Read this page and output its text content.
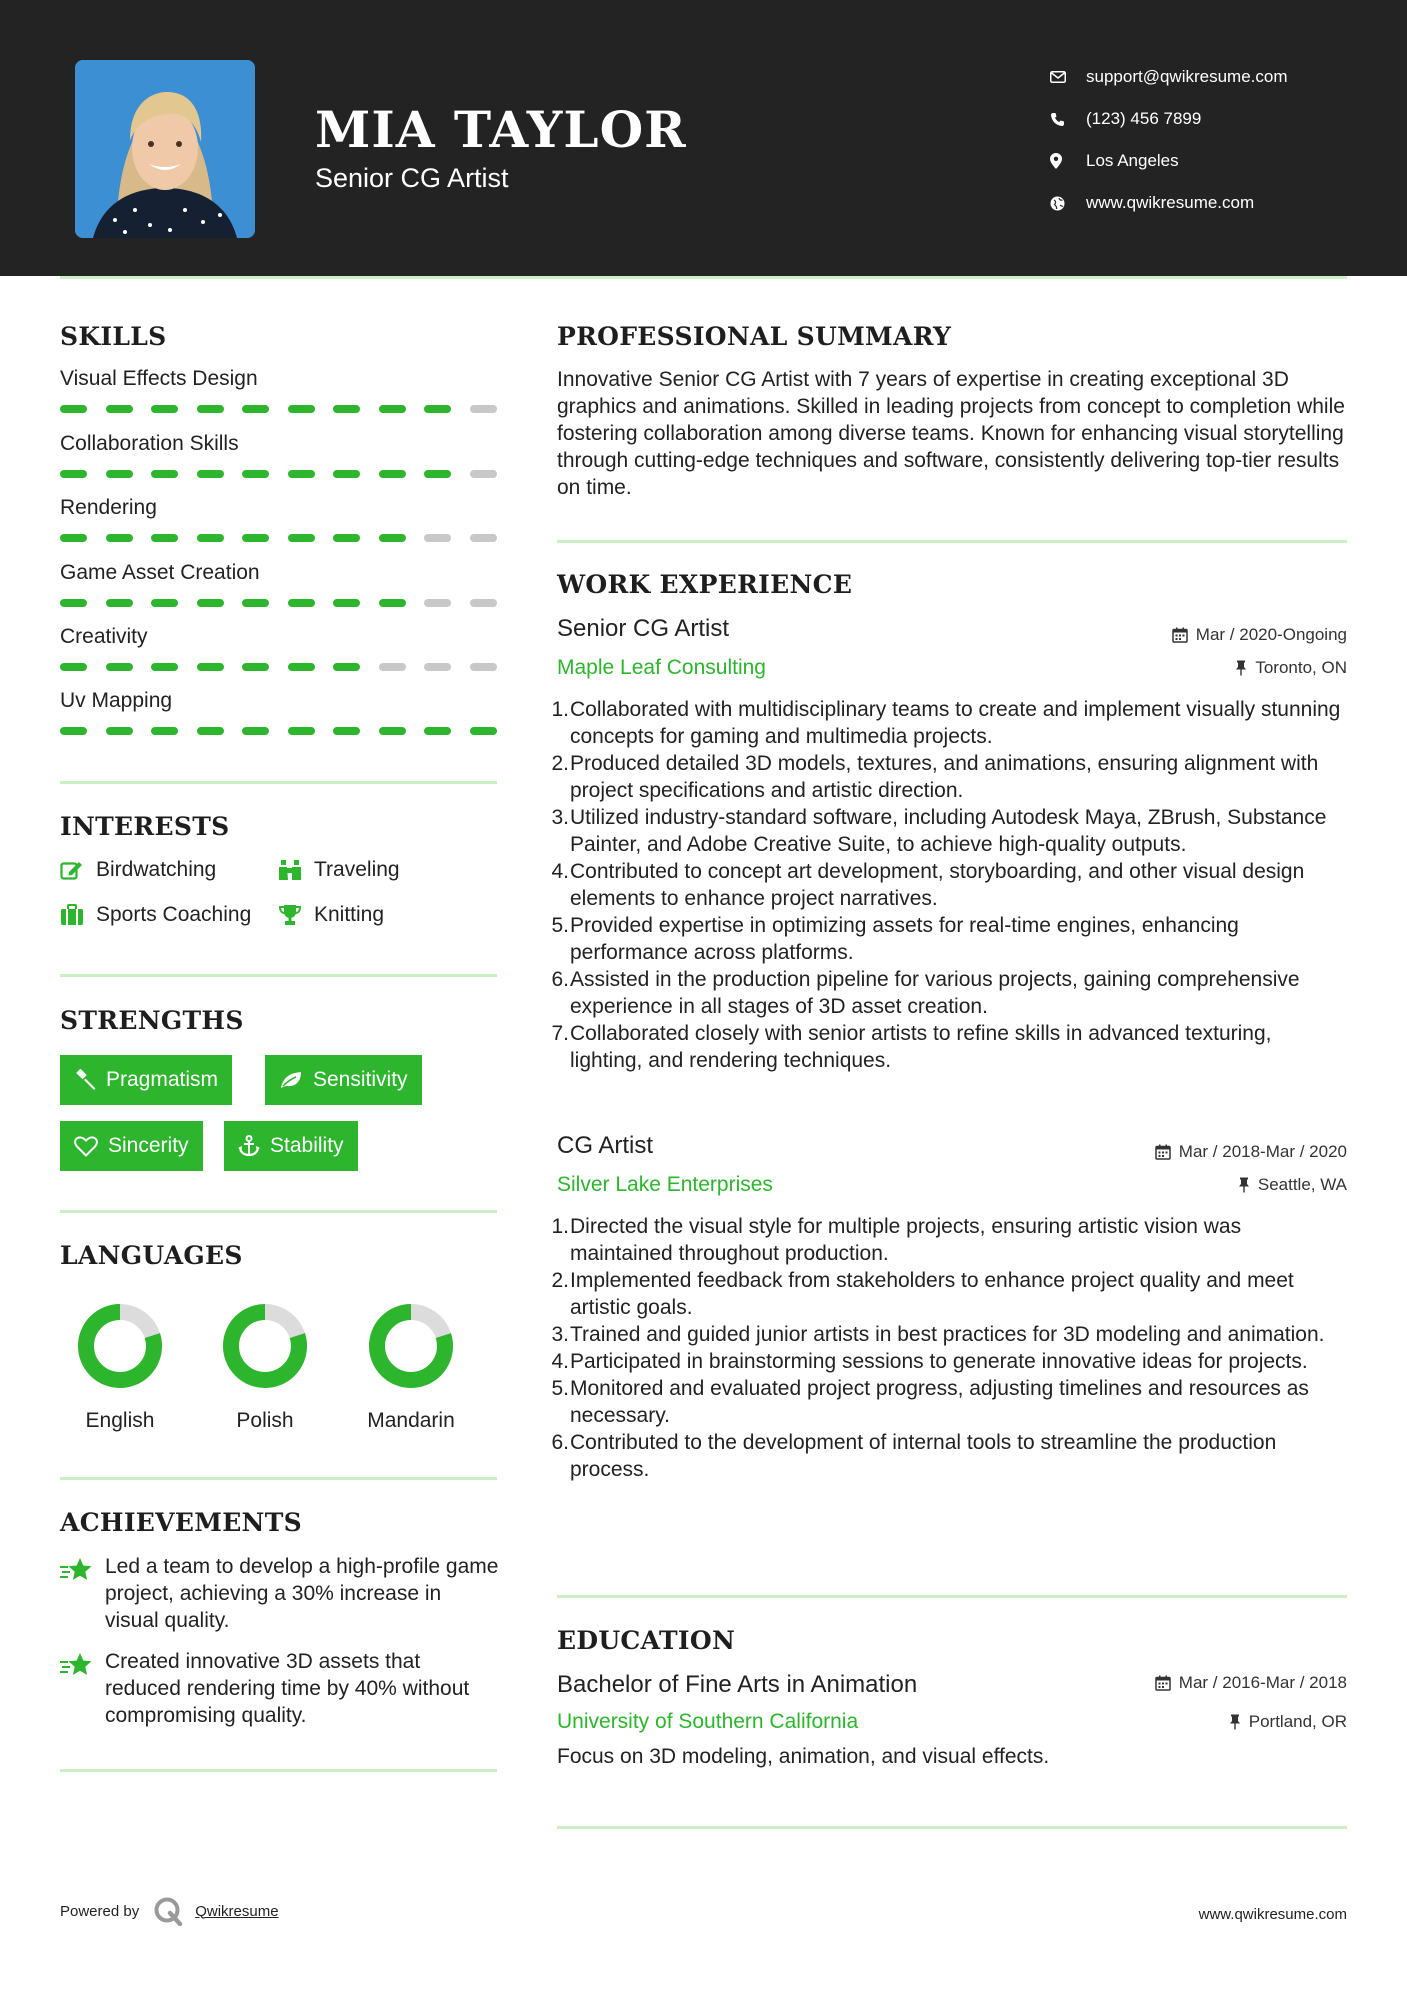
MIA TAYLOR
Senior CG Artist
support@qwikresume.com
(123) 456 7899
Los Angeles
www.qwikresume.com
SKILLS
Visual Effects Design
Collaboration Skills
Rendering
Game Asset Creation
Creativity
Uv Mapping
INTERESTS
Birdwatching	Traveling
Sports Coaching	Knitting
STRENGTHS
Pragmatism	Sensitivity
Sincerity	Stability
LANGUAGES
English	Polish	Mandarin
ACHIEVEMENTS
Led a team to develop a high-profile game project, achieving a 30% increase in visual quality.
Created innovative 3D assets that reduced rendering time by 40% without compromising quality.
PROFESSIONAL SUMMARY
Innovative Senior CG Artist with 7 years of expertise in creating exceptional 3D graphics and animations. Skilled in leading projects from concept to completion while fostering collaboration among diverse teams. Known for enhancing visual storytelling through cutting-edge techniques and software, consistently delivering top-tier results on time.
WORK EXPERIENCE
Senior CG Artist	Mar / 2020-Ongoing
Maple Leaf Consulting	Toronto, ON
1. Collaborated with multidisciplinary teams to create and implement visually stunning concepts for gaming and multimedia projects.
2. Produced detailed 3D models, textures, and animations, ensuring alignment with project specifications and artistic direction.
3. Utilized industry-standard software, including Autodesk Maya, ZBrush, Substance Painter, and Adobe Creative Suite, to achieve high-quality outputs.
4. Contributed to concept art development, storyboarding, and other visual design elements to enhance project narratives.
5. Provided expertise in optimizing assets for real-time engines, enhancing performance across platforms.
6. Assisted in the production pipeline for various projects, gaining comprehensive experience in all stages of 3D asset creation.
7. Collaborated closely with senior artists to refine skills in advanced texturing, lighting, and rendering techniques.
CG Artist	Mar / 2018-Mar / 2020
Silver Lake Enterprises	Seattle, WA
1. Directed the visual style for multiple projects, ensuring artistic vision was maintained throughout production.
2. Implemented feedback from stakeholders to enhance project quality and meet artistic goals.
3. Trained and guided junior artists in best practices for 3D modeling and animation.
4. Participated in brainstorming sessions to generate innovative ideas for projects.
5. Monitored and evaluated project progress, adjusting timelines and resources as necessary.
6. Contributed to the development of internal tools to streamline the production process.
EDUCATION
Bachelor of Fine Arts in Animation	Mar / 2016-Mar / 2018
University of Southern California	Portland, OR
Focus on 3D modeling, animation, and visual effects.
Powered by	Qwikresume	www.qwikresume.com
